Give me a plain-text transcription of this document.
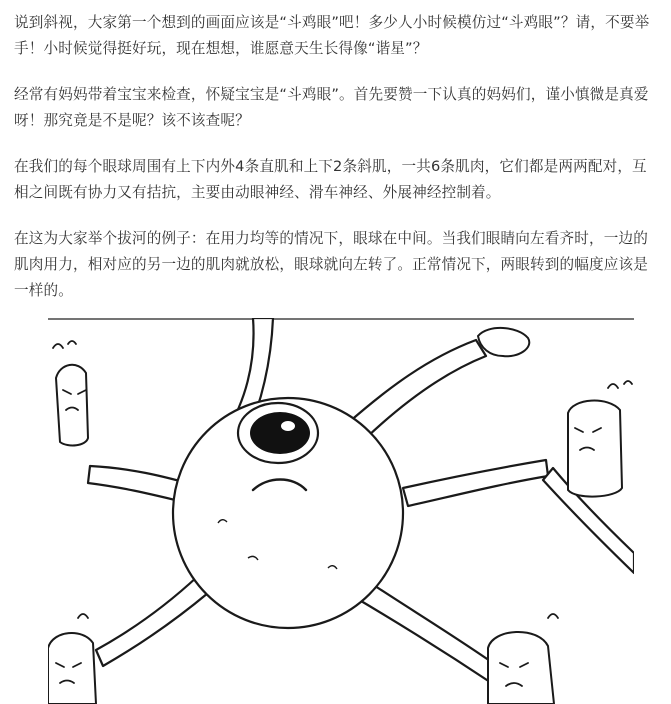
说到斜视，大家第一个想到的画面应该是“斗鸡眼”吧！多少人小时候模仿过“斗鸡眼”？请，不要举手！小时候觉得挺好玩，现在想想，谁愿意天生长得像“谐星”？

经常有妈妈带着宝宝来检查，怀疑宝宝是“斗鸡眼”。首先要赞一下认真的妈妈们，谨小慎微是真爱呀！那究竟是不是呢？该不该查呢？

在我们的每个眼球周围有上下内外4条直肌和上下2条斜肌，一共6条肌肉，它们都是两两配对，互相之间既有协力又有拮抗，主要由动眼神经、滑车神经、外展神经控制着。

在这为大家举个拔河的例子：在用力均等的情况下，眼球在中间。当我们眼睛向左看齐时，一边的肌肉用力，相对应的另一边的肌肉就放松，眼球就向左转了。正常情况下，两眼转到的幅度应该是一样的。
